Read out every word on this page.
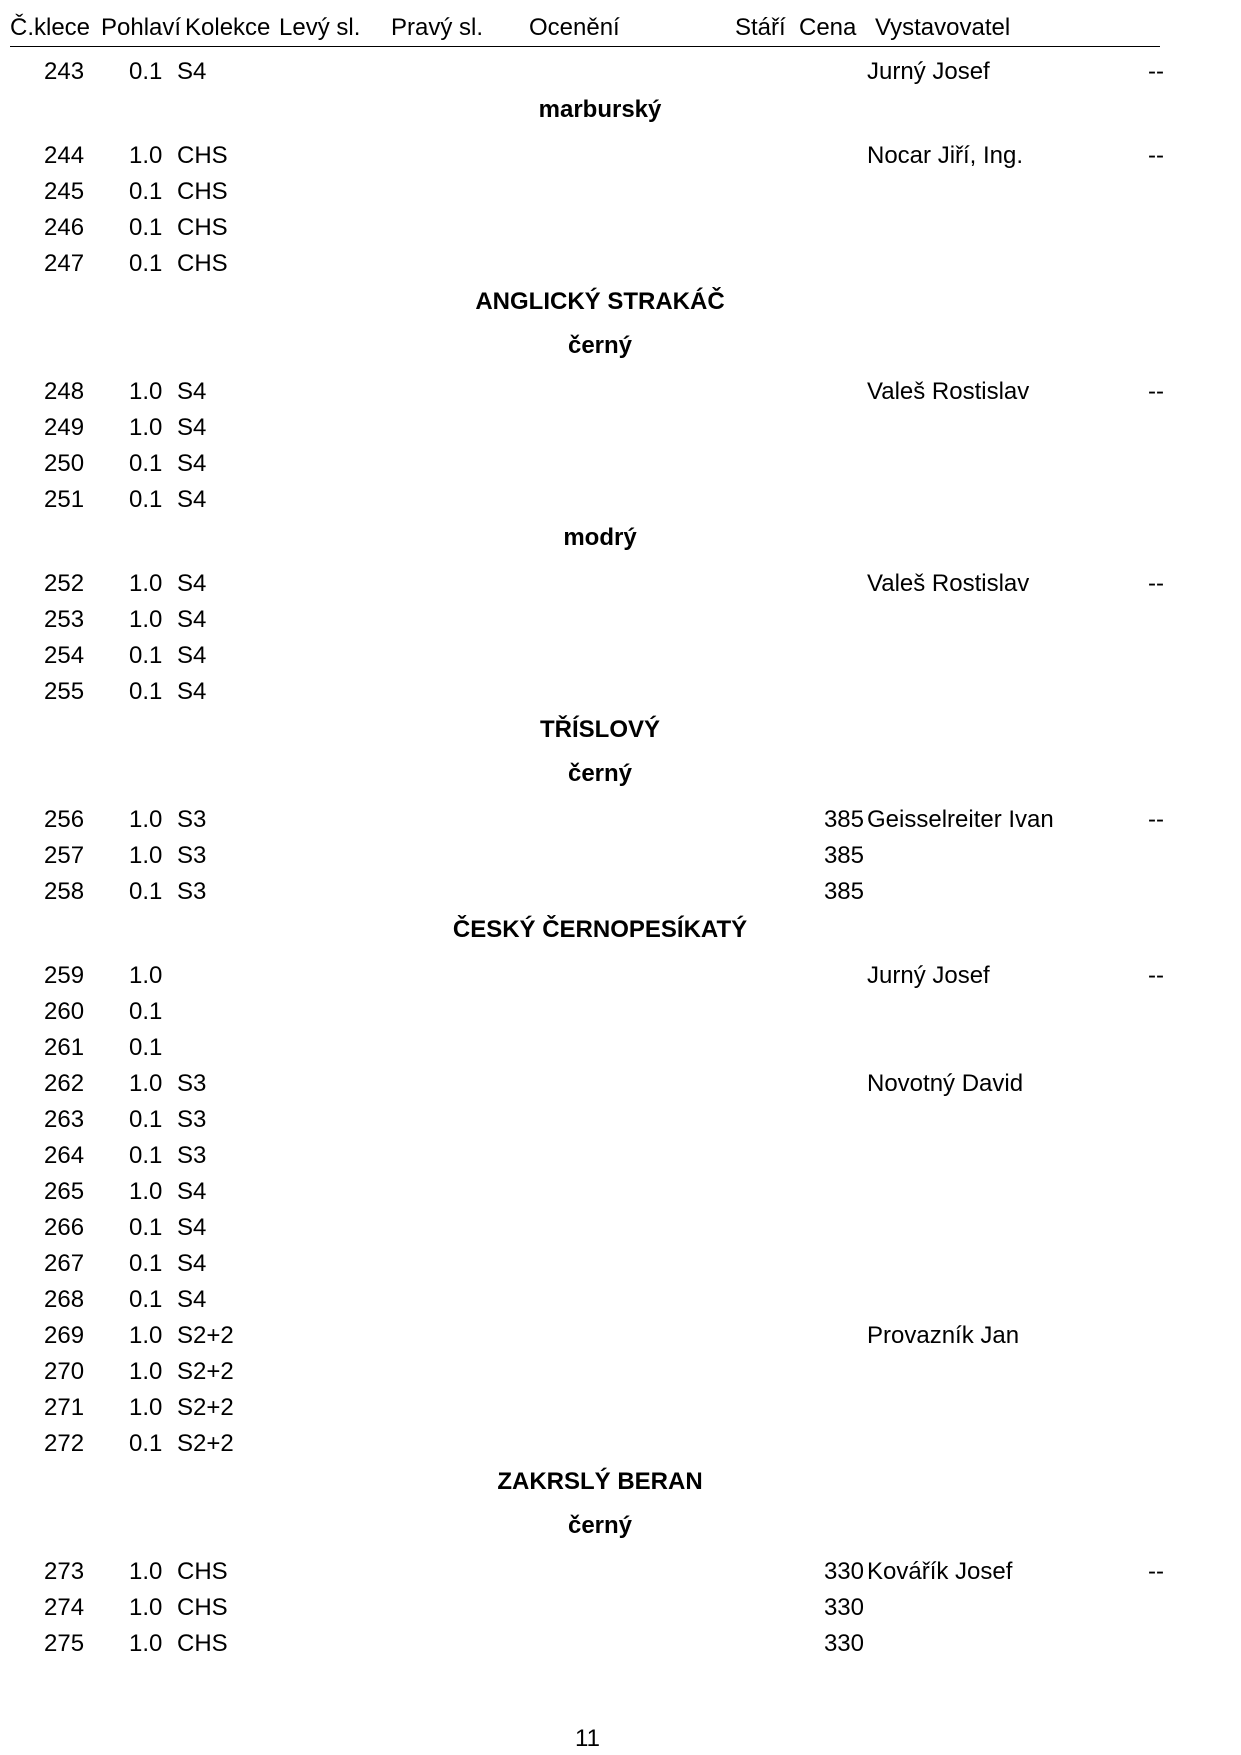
Č.klece Pohlaví Kolekce Levý sl. Pravý sl. Ocenění	Stáří Cena Vystavovatel
243 0.1 S4	Jurný Josef	--
marburský
244 1.0 CHS	Nocar Jiří, Ing.	--
245 0.1 CHS
246 0.1 CHS
247 0.1 CHS
ANGLICKÝ STRAKÁČ
černý
248 1.0 S4	Valeš Rostislav	--
249 1.0 S4
250 0.1 S4
251 0.1 S4
modrý
252 1.0 S4	Valeš Rostislav	--
253 1.0 S4
254 0.1 S4
255 0.1 S4
TŘÍSLOVÝ
černý
256 1.0 S3	385 Geisselreiter Ivan	--
257 1.0 S3	385
258 0.1 S3	385
ČESKÝ ČERNOPESÍKATÝ
259 1.0	Jurný Josef	--
260 0.1
261 0.1
262 1.0 S3	Novotný David
263 0.1 S3
264 0.1 S3
265 1.0 S4
266 0.1 S4
267 0.1 S4
268 0.1 S4
269 1.0 S2+2	Provazník Jan
270 1.0 S2+2
271 1.0 S2+2
272 0.1 S2+2
ZAKRSLÝ BERAN
černý
273 1.0 CHS	330 Kovářík Josef	--
274 1.0 CHS	330
275 1.0 CHS	330
11
